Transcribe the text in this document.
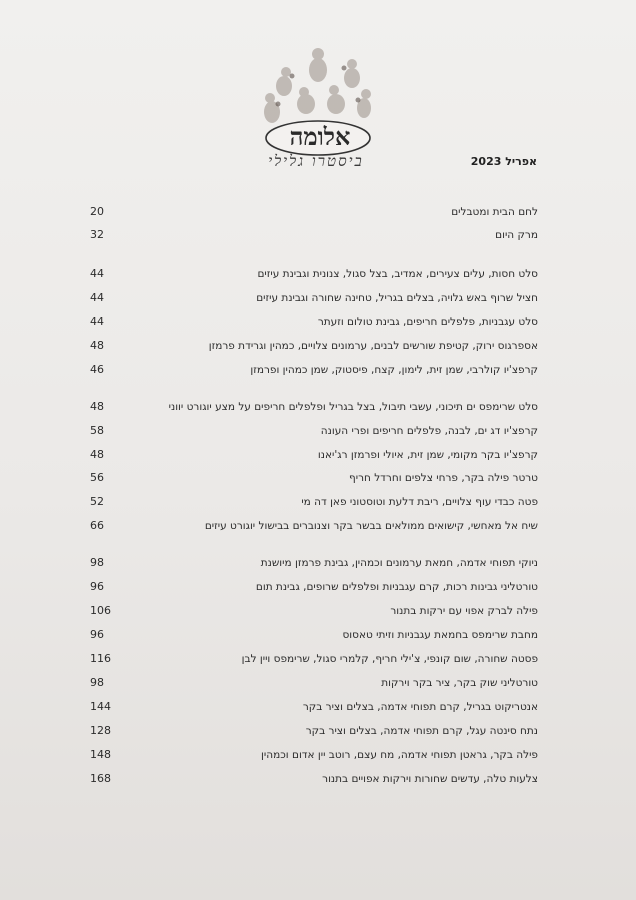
אלומה
ביסטרו גלילי	אפריל 2023
לחם הבית ומטבלים
20
מרק היום
32
סלט חסות, עלים צעירים, אמדיב, בצל סגול, צנונית וגבינת עיזים
44
חציל שרוף באש גלויה, בצלים בגריל, טחינה שחורה וגבינת עיזים
44
סלט עגבניות, פלפלים חריפים, גבינת טולום וזעתר
44
אספרגוס ירוק, קטיפת שורשים לבנים, ערמונים צלויים, כמהין וגרידת פרמזן
48
קרפצ'יו קולרבי, שמן זית, לימון, קצח, פיסטוק, שמן כמהין ופרמזן
46
סלט שרימפס ים תיכוני, עשבי תיבול, בצל בגריל ופלפלים חריפים על מצע יוגורט יווני
48
קרפצ'יו דג ים, לבנה, פלפלים חריפים ופרי העונה
58
קרפצ'יו בקר מקומי, שמן זית, איולי ופרמזן רג'יאנו
48
טרטר פילה בקר, פרחי צלפים וחרדל חריף
56
פטה כבדי עוף צלויים, ריבת דלעת וטוסטוני פאן דה מי
52
שיח אל מאחשי, קישואים ממולאים בבשר בקר וצנוברים בבישול יוגורט עיזים
66
ניוקי תפוחי אדמה, חמאת ערמונים וכמהין, גבינת פרמזן מיושנת
98
טורטליני גבינות רכות, קרם עגבניות ופלפלים שרופים, גבינת תום
96
פילה לברק אפוי עם ירקות בתנור
106
מחבת שרימפס בחמאת עגבניות וזיתי טאסוס
96
פסטה שחורה, שום קונפי, צ'ילי חריף, קלמרי סגול, שרימפס ויין לבן
116
טורטליני שוק בקר, ציר בקר וירקות
98
אנטריקוט בגריל, קרם תפוחי אדמה, בצלים וציר בקר
144
נתח סינטה עגל, קרם תפוחי אדמה, בצלים וציר בקר
128
פילה בקר, גראטן תפוחי אדמה, מח עצם, רוטב יין אדום וכמהין
148
צלעות טלה, עדשים שחורות וירקות אפויים בתנור
168
